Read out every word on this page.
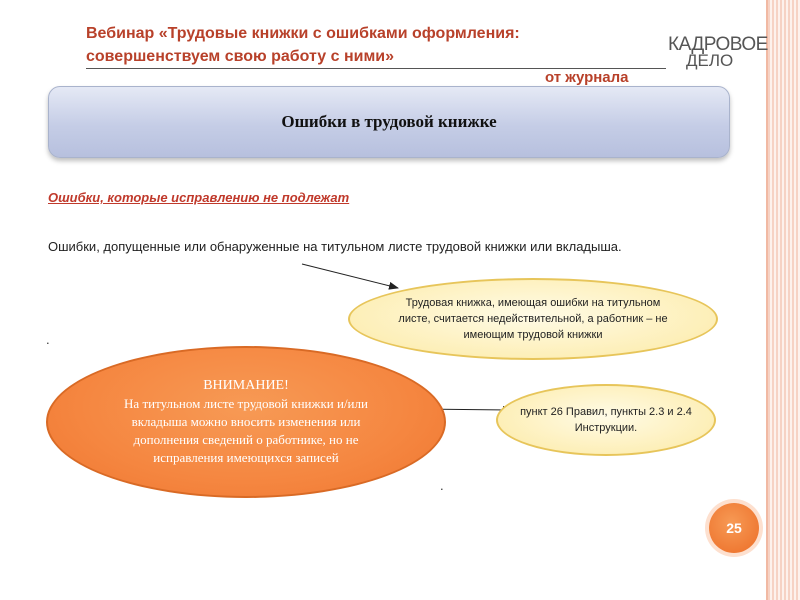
Вебинар «Трудовые книжки с ошибками оформления:
совершенствуем свою работу с ними»
от журнала
КАДРОВОЕ
ДЕЛО
Ошибки в трудовой книжке
Ошибки, которые исправлению не подлежат
Ошибки, допущенные или обнаруженные на титульном листе трудовой книжки или вкладыша.
.
.
Трудовая книжка, имеющая ошибки на титульном листе, считается недействительной, а работник – не имеющим трудовой книжки
ВНИМАНИЕ!
На титульном листе трудовой книжки и/или вкладыша можно вносить изменения или дополнения сведений о работнике, но не исправления имеющихся записей
пункт 26 Правил, пункты 2.3 и 2.4 Инструкции.
25
